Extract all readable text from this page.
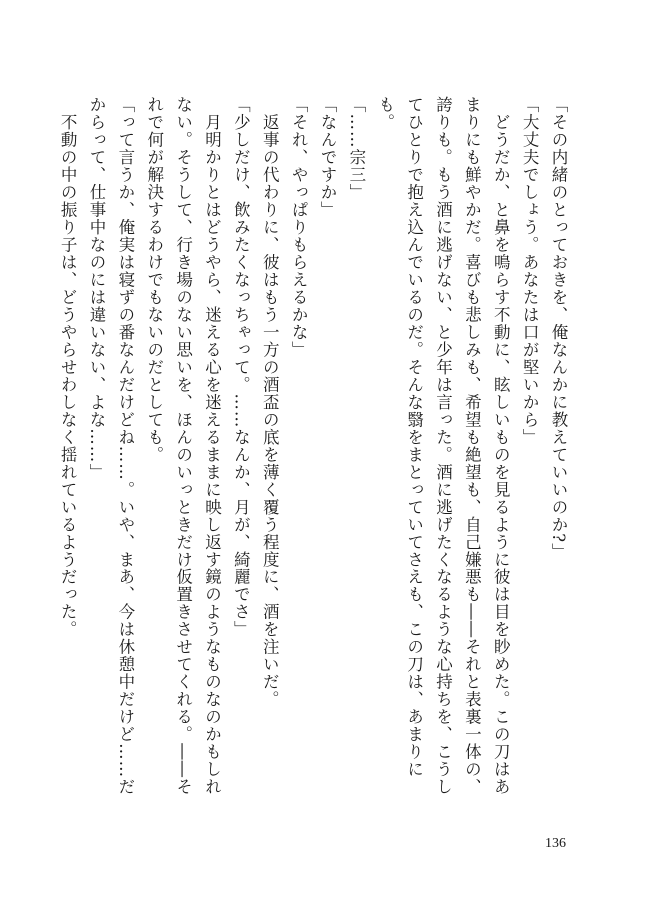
「その内緒のとっておきを、俺なんかに教えていいのか?」

「大丈夫でしょう。あなたは口が堅いから」

　どうだか、と鼻を鳴らす不動に、眩しいものを見るように彼は目を眇めた。この刀はあまりにも鮮やかだ。喜びも悲しみも、希望も絶望も、自己嫌悪も――それと表裏一体の、誇りも。もう酒に逃げない、と少年は言った。酒に逃げたくなるような心持ちを、こうしてひとりで抱え込んでいるのだ。そんな翳をまとっていてさえも、この刀は、あまりにも。

「……宗三」

「なんですか」

「それ、やっぱりもらえるかな」

　返事の代わりに、彼はもう一方の酒盃の底を薄く覆う程度に、酒を注いだ。

「少しだけ、飲みたくなっちゃって。……なんか、月が、綺麗でさ」

　月明かりとはどうやら、迷える心を迷えるままに映し返す鏡のようなものなのかもしれない。そうして、行き場のない思いを、ほんのいっときだけ仮置きさせてくれる。――それで何が解決するわけでもないのだとしても。

「って言うか、俺実は寝ずの番なんだけどね……。いや、まあ、今は休憩中だけど……だからって、仕事中なのには違いない、よな……」

　不動の中の振り子は、どうやらせわしなく揺れているようだった。

136
